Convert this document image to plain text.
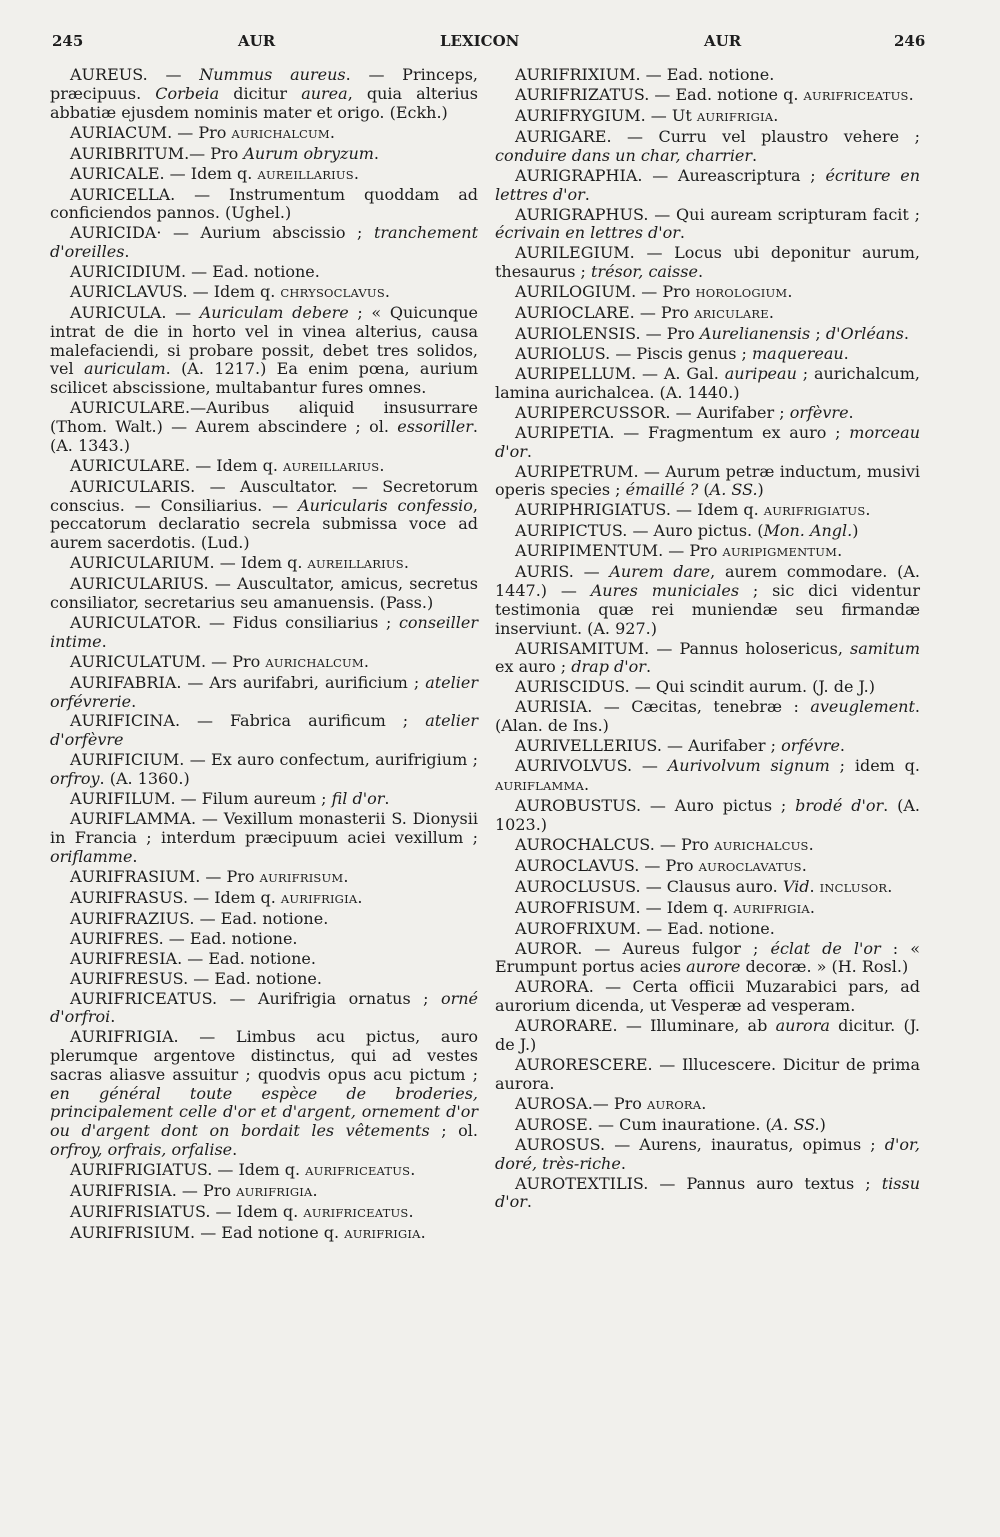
245	AUR	LEXICON	AUR	246

AUREUS. — Nummus aureus. — Princeps, præcipuus. Corbeia dicitur aurea, quia alterius abbatiæ ejusdem nominis mater et origo. (Eckh.)

AURIACUM. — Pro AURICHALCUM.

AURIBRITUM.— Pro Aurum obryzum.

AURICALE. — Idem q. AUREILLARIUS.

AURICELLA. — Instrumentum quoddam ad conficiendos pannos. (Ughel.)

AURICIDA· — Aurium abscissio ; tranchement d'oreilles.

AURICIDIUM. — Ead. notione.

AURICLAVUS. — Idem q. CHRYSOCLAVUS.

AURICULA. — Auriculam debere ; « Quicunque intrat de die in horto vel in vinea alterius, causa malefaciendi, si probare possit, debet tres solidos, vel auriculam. (A. 1217.) Ea enim pœna, aurium scilicet abscissione, multabantur fures omnes.

AURICULARE.—Auribus aliquid insusurrare (Thom. Walt.) — Aurem abscindere ; ol. essoriller. (A. 1343.)

AURICULARE. — Idem q. AUREILLARIUS.

AURICULARIS. — Auscultator. — Secretorum conscius. — Consiliarius. — Auricularis confessio, peccatorum declaratio secrela submissa voce ad aurem sacerdotis. (Lud.)

AURICULARIUM. — Idem q. AUREILLARIUS.

AURICULARIUS. — Auscultator, amicus, secretus consiliator, secretarius seu amanuensis. (Pass.)

AURICULATOR. — Fidus consiliarius ; conseiller intime.

AURICULATUM. — Pro AURICHALCUM.

AURIFABRIA. — Ars aurifabri, aurificium ; atelier orfévrerie.

AURIFICINA. — Fabrica aurificum ; atelier d'orfèvre

AURIFICIUM. — Ex auro confectum, aurifrigium ; orfroy. (A. 1360.)

AURIFILUM. — Filum aureum ; fil d'or.

AURIFLAMMA. — Vexillum monasterii S. Dionysii in Francia ; interdum præcipuum aciei vexillum ; oriflamme.

AURIFRASIUM. — Pro AURIFRISUM.

AURIFRASUS. — Idem q. AURIFRIGIA.

AURIFRAZIUS. — Ead. notione.

AURIFRES. — Ead. notione.

AURIFRESIA. — Ead. notione.

AURIFRESUS. — Ead. notione.

AURIFRICEATUS. — Aurifrigia ornatus ; orné d'orfroi.

AURIFRIGIA. — Limbus acu pictus, auro plerumque argentove distinctus, qui ad vestes sacras aliasve assuitur ; quodvis opus acu pictum ; en général toute espèce de broderies, principalement celle d'or et d'argent, ornement d'or ou d'argent dont on bordait les vêtements ; ol. orfroy, orfrais, orfalise.

AURIFRIGIATUS. — Idem q. AURIFRICEATUS.

AURIFRISIA. — Pro AURIFRIGIA.

AURIFRISIATUS. — Idem q. AURIFRICEATUS.

AURIFRISIUM. — Ead notione q. AURIFRIGIA.

AURIFRIXIUM. — Ead. notione.

AURIFRIZATUS. — Ead. notione q. AURIFRICEATUS.

AURIFRYGIUM. — Ut AURIFRIGIA.

AURIGARE. — Curru vel plaustro vehere ; conduire dans un char, charrier.

AURIGRAPHIA. — Aureascriptura ; écriture en lettres d'or.

AURIGRAPHUS. — Qui auream scripturam facit ; écrivain en lettres d'or.

AURILEGIUM. — Locus ubi deponitur aurum, thesaurus ; trésor, caisse.

AURILOGIUM. — Pro HOROLOGIUM.

AURIOCLARE. — Pro ARICULARE.

AURIOLENSIS. — Pro Aurelianensis ; d'Orléans.

AURIOLUS. — Piscis genus ; maquereau.

AURIPELLUM. — A. Gal. auripeau ; aurichalcum, lamina aurichalcea. (A. 1440.)

AURIPERCUSSOR. — Aurifaber ; orfèvre.

AURIPETIA. — Fragmentum ex auro ; morceau d'or.

AURIPETRUM. — Aurum petræ inductum, musivi operis species ; émaillé ? (A. SS.)

AURIPHRIGIATUS. — Idem q. AURIFRIGIATUS.

AURIPICTUS. — Auro pictus. (Mon. Angl.)

AURIPIMENTUM. — Pro AURIPIGMENTUM.

AURIS. — Aurem dare, aurem commodare. (A. 1447.) — Aures municiales ; sic dici videntur testimonia quæ rei muniendæ seu firmandæ inserviunt. (A. 927.)

AURISAMITUM. — Pannus holosericus, samitum ex auro ; drap d'or.

AURISCIDUS. — Qui scindit aurum. (J. de J.)

AURISIA. — Cæcitas, tenebræ : aveuglement. (Alan. de Ins.)

AURIVELLERIUS. — Aurifaber ; orfévre.

AURIVOLVUS. — Aurivolvum signum ; idem q. AURIFLAMMA.

AUROBUSTUS. — Auro pictus ; brodé d'or. (A. 1023.)

AUROCHALCUS. — Pro AURICHALCUS.

AUROCLAVUS. — Pro AUROCLAVATUS.

AUROCLUSUS. — Clausus auro. Vid. INCLUSOR.

AUROFRISUM. — Idem q. AURIFRIGIA.

AUROFRIXUM. — Ead. notione.

AUROR. — Aureus fulgor ; éclat de l'or : « Erumpunt portus acies aurore decoræ. » (H. Rosl.)

AURORA. — Certa officii Muzarabici pars, ad aurorium dicenda, ut Vesperæ ad vesperam.

AURORARE. — Illuminare, ab aurora dicitur. (J. de J.)

AURORESCERE. — Illucescere. Dicitur de prima aurora.

AUROSA.— Pro AURORA.

AUROSE. — Cum inauratione. (A. SS.)

AUROSUS. — Aurens, inauratus, opimus ; d'or, doré, très-riche.

AUROTEXTILIS. — Pannus auro textus ; tissu d'or.
